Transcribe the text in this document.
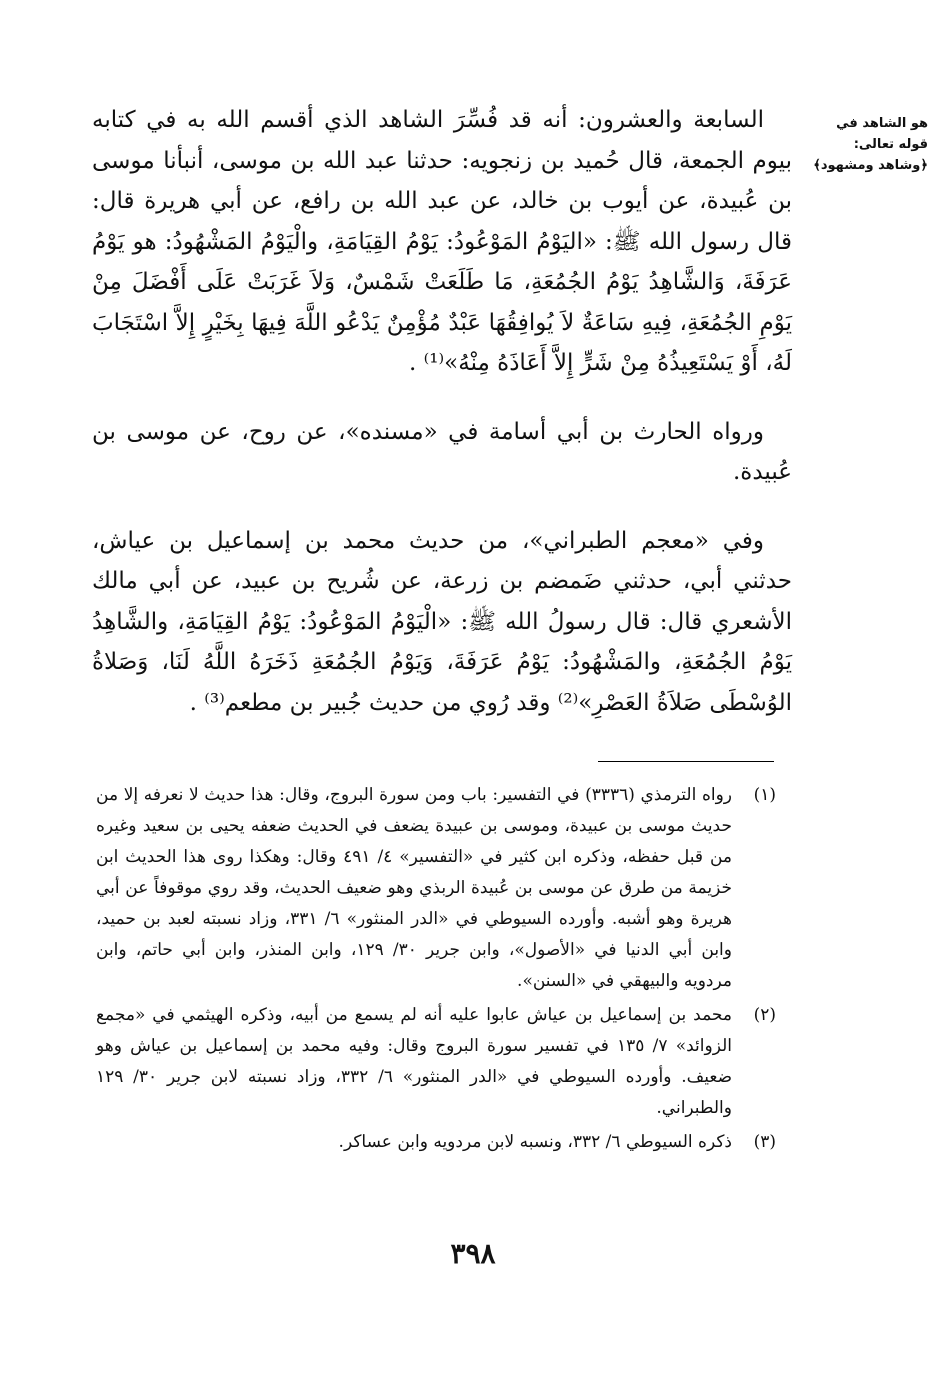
هو الشاهد في قوله تعالى: ﴿وشاهد ومشهود﴾

السابعة والعشرون: أنه قد فُسِّرَ الشاهد الذي أقسم الله به في كتابه بيوم الجمعة، قال حُميد بن زنجويه: حدثنا عبد الله بن موسى، أنبأنا موسى بن عُبيدة، عن أيوب بن خالد، عن عبد الله بن رافع، عن أبي هريرة قال: قال رسول الله ﷺ: «اليَوْمُ المَوْعُودُ: يَوْمُ القِيَامَةِ، والْيَوْمُ المَشْهُودُ: هو يَوْمُ عَرَفَةَ، وَالشَّاهِدُ يَوْمُ الجُمُعَةِ، مَا طَلَعَتْ شَمْسٌ، وَلاَ غَرَبَتْ عَلَى أَفْضَلَ مِنْ يَوْمِ الجُمُعَةِ، فِيهِ سَاعَةٌ لاَ يُوافِقُهَا عَبْدٌ مُؤْمِنٌ يَدْعُو اللَّهَ فِيهَا بِخَيْرٍ إِلاَّ اسْتَجَابَ لَهُ، أَوْ يَسْتَعِيذُهُ مِنْ شَرٍّ إِلاَّ أَعَاذَهُ مِنْهُ»⁽¹⁾ .

ورواه الحارث بن أبي أسامة في «مسنده»، عن روح، عن موسى بن عُبيدة.

وفي «معجم الطبراني»، من حديث محمد بن إسماعيل بن عياش، حدثني أبي، حدثني ضَمضم بن زرعة، عن شُريح بن عبيد، عن أبي مالك الأشعري قال: قال رسولُ الله ﷺ: «الْيَوْمُ المَوْعُودُ: يَوْمُ القِيَامَةِ، والشَّاهِدُ يَوْمُ الجُمُعَةِ، والمَشْهُودُ: يَوْمُ عَرَفَةَ، وَيَوْمُ الجُمُعَةِ ذَخَرَهُ اللَّهُ لَنَا، وَصَلاةُ الوُسْطَى صَلاَةُ العَصْرِ»⁽²⁾ وقد رُوي من حديث جُبير بن مطعم⁽³⁾ .

(١)
رواه الترمذي (٣٣٣٦) في التفسير: باب ومن سورة البروج، وقال: هذا حديث لا نعرفه إلا من حديث موسى بن عبيدة، وموسى بن عبيدة يضعف في الحديث ضعفه يحيى بن سعيد وغيره من قبل حفظه، وذكره ابن كثير في «التفسير» ٤/ ٤٩١ وقال: وهكذا روى هذا الحديث ابن خزيمة من طرق عن موسى بن عُبيدة الربذي وهو ضعيف الحديث، وقد روي موقوفاً عن أبي هريرة وهو أشبه. وأورده السيوطي في «الدر المنثور» ٦/ ٣٣١، وزاد نسبته لعبد بن حميد، وابن أبي الدنيا في «الأصول»، وابن جرير ٣٠/ ١٢٩، وابن المنذر، وابن أبي حاتم، وابن مردويه والبيهقي في «السنن».
(٢)
محمد بن إسماعيل بن عياش عابوا عليه أنه لم يسمع من أبيه، وذكره الهيثمي في «مجمع الزوائد» ٧/ ١٣٥ في تفسير سورة البروج وقال: وفيه محمد بن إسماعيل بن عياش وهو ضعيف. وأورده السيوطي في «الدر المنثور» ٦/ ٣٣٢، وزاد نسبته لابن جرير ٣٠/ ١٢٩ والطبراني.
(٣)
ذكره السيوطي ٦/ ٣٣٢، ونسبه لابن مردويه وابن عساكر.
٣٩٨
